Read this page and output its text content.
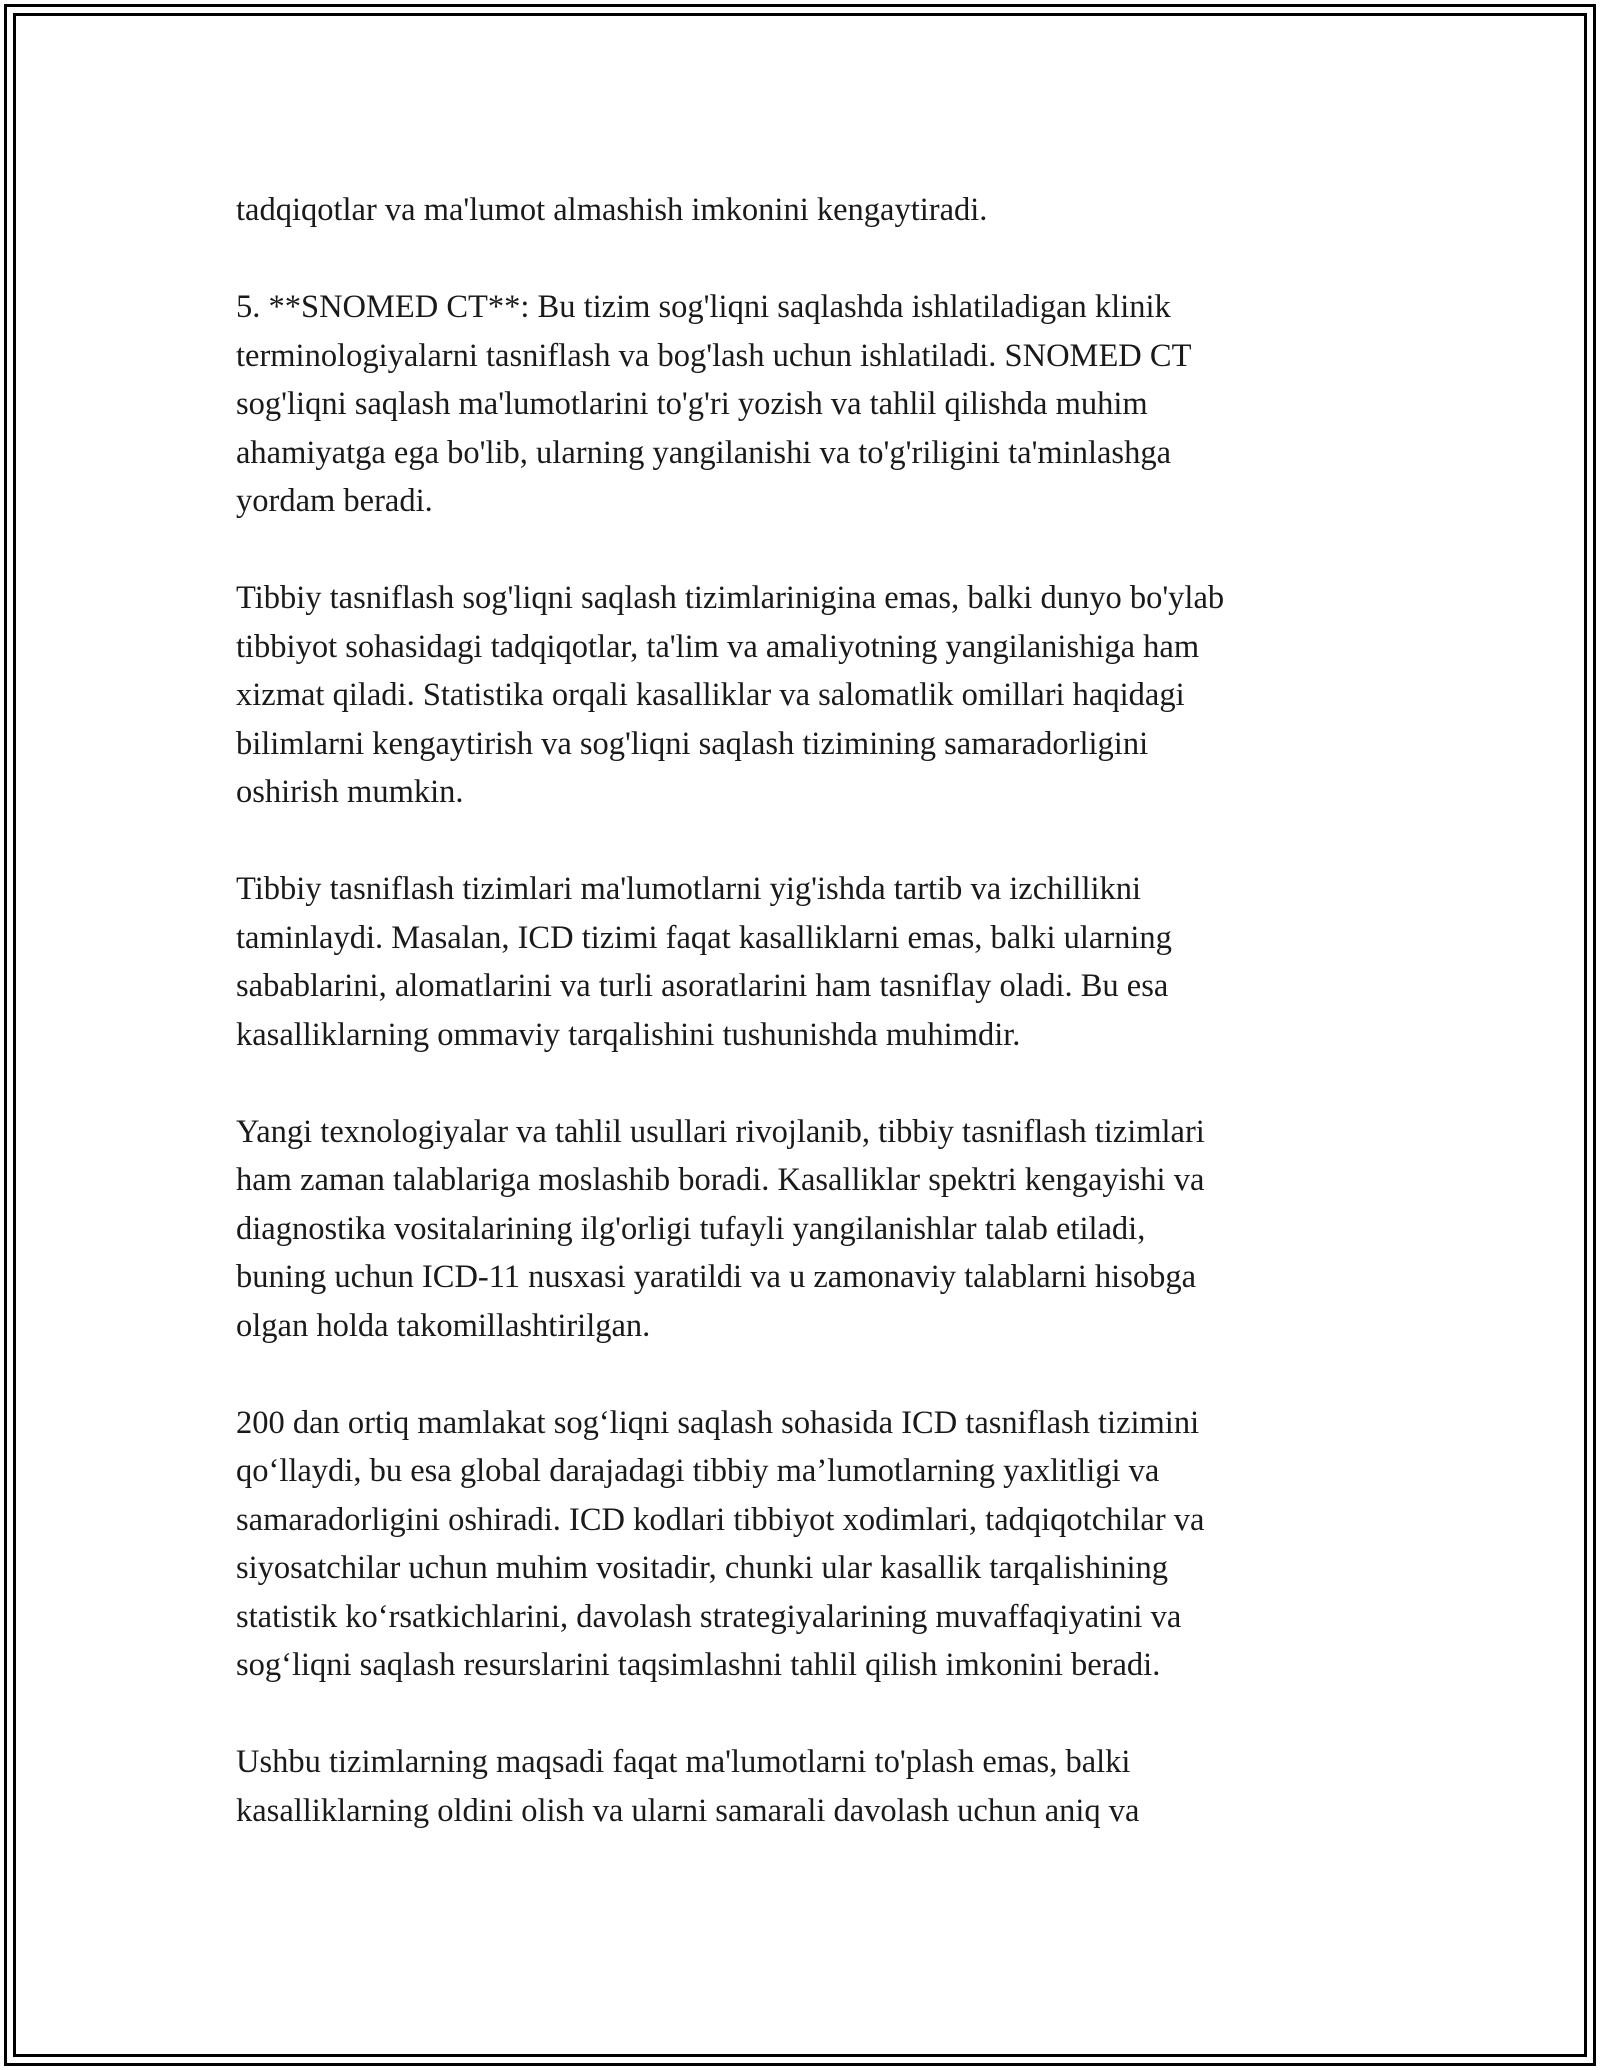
tadqiqotlar va ma'lumot almashish imkonini kengaytiradi.

5. **SNOMED CT**: Bu tizim sog'liqni saqlashda ishlatiladigan klinik
terminologiyalarni tasniflash va bog'lash uchun ishlatiladi. SNOMED CT
sog'liqni saqlash ma'lumotlarini to'g'ri yozish va tahlil qilishda muhim
ahamiyatga ega bo'lib, ularning yangilanishi va to'g'riligini ta'minlashga
yordam beradi.

Tibbiy tasniflash sog'liqni saqlash tizimlarinigina emas, balki dunyo bo'ylab
tibbiyot sohasidagi tadqiqotlar, ta'lim va amaliyotning yangilanishiga ham
xizmat qiladi. Statistika orqali kasalliklar va salomatlik omillari haqidagi
bilimlarni kengaytirish va sog'liqni saqlash tizimining samaradorligini
oshirish mumkin.

Tibbiy tasniflash tizimlari ma'lumotlarni yig'ishda tartib va izchillikni
taminlaydi. Masalan, ICD tizimi faqat kasalliklarni emas, balki ularning
sabablarini, alomatlarini va turli asoratlarini ham tasniflay oladi. Bu esa
kasalliklarning ommaviy tarqalishini tushunishda muhimdir.

Yangi texnologiyalar va tahlil usullari rivojlanib, tibbiy tasniflash tizimlari
ham zaman talablariga moslashib boradi. Kasalliklar spektri kengayishi va
diagnostika vositalarining ilg'orligi tufayli yangilanishlar talab etiladi,
buning uchun ICD-11 nusxasi yaratildi va u zamonaviy talablarni hisobga
olgan holda takomillashtirilgan.

200 dan ortiq mamlakat sog‘liqni saqlash sohasida ICD tasniflash tizimini
qo‘llaydi, bu esa global darajadagi tibbiy ma’lumotlarning yaxlitligi va
samaradorligini oshiradi. ICD kodlari tibbiyot xodimlari, tadqiqotchilar va
siyosatchilar uchun muhim vositadir, chunki ular kasallik tarqalishining
statistik ko‘rsatkichlarini, davolash strategiyalarining muvaffaqiyatini va
sog‘liqni saqlash resurslarini taqsimlashni tahlil qilish imkonini beradi.

Ushbu tizimlarning maqsadi faqat ma'lumotlarni to'plash emas, balki
kasalliklarning oldini olish va ularni samarali davolash uchun aniq va
